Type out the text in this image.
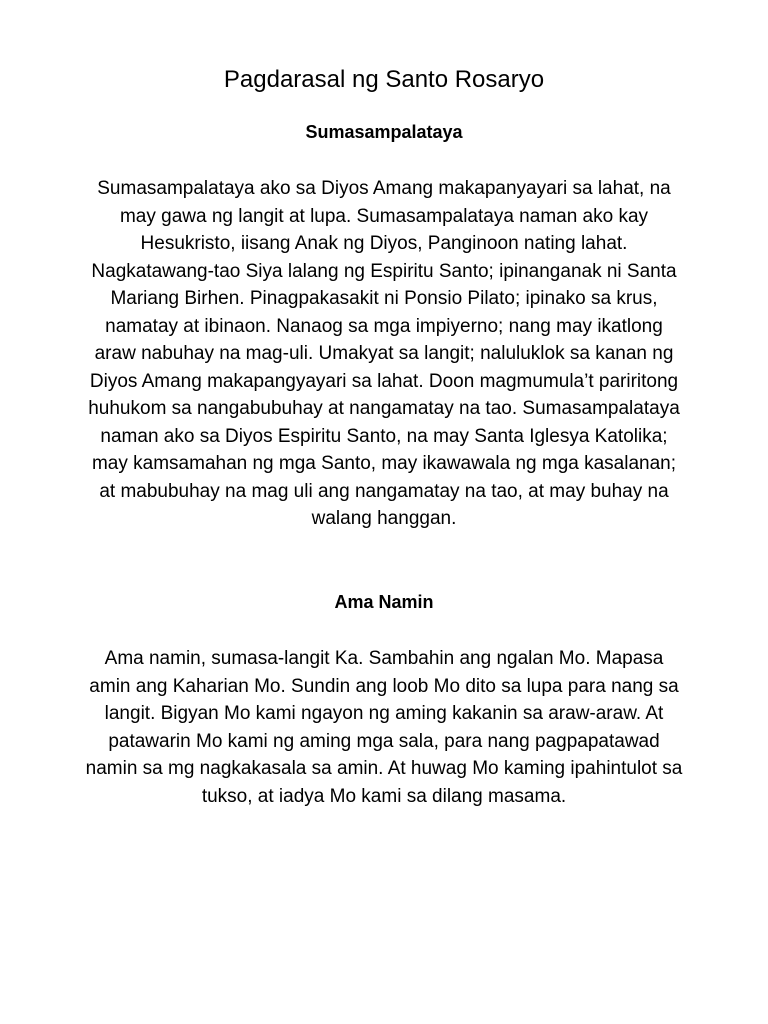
Pagdarasal ng Santo Rosaryo
Sumasampalataya

Sumasampalataya ako sa Diyos Amang makapanyayari sa lahat, na may gawa ng langit at lupa. Sumasampalataya naman ako kay Hesukristo, iisang Anak ng Diyos, Panginoon nating lahat. Nagkatawang-tao Siya lalang ng Espiritu Santo; ipinanganak ni Santa Mariang Birhen. Pinagpakasakit ni Ponsio Pilato; ipinako sa krus, namatay at ibinaon. Nanaog sa mga impiyerno; nang may ikatlong araw nabuhay na mag-uli. Umakyat sa langit; naluluklok sa kanan ng Diyos Amang makapangyayari sa lahat. Doon magmumula’t pariritong huhukom sa nangabubuhay at nangamatay na tao. Sumasampalataya naman ako sa Diyos Espiritu Santo, na may Santa Iglesya Katolika; may kamsamahan ng mga Santo, may ikawawala ng mga kasalanan; at mabubuhay na mag uli ang nangamatay na tao, at may buhay na walang hanggan.

Ama Namin

Ama namin, sumasa-langit Ka. Sambahin ang ngalan Mo. Mapasa amin ang Kaharian Mo. Sundin ang loob Mo dito sa lupa para nang sa langit. Bigyan Mo kami ngayon ng aming kakanin sa araw-araw. At patawarin Mo kami ng aming mga sala, para nang pagpapatawad namin sa mg nagkakasala sa amin. At huwag Mo kaming ipahintulot sa tukso, at iadya Mo kami sa dilang masama.
